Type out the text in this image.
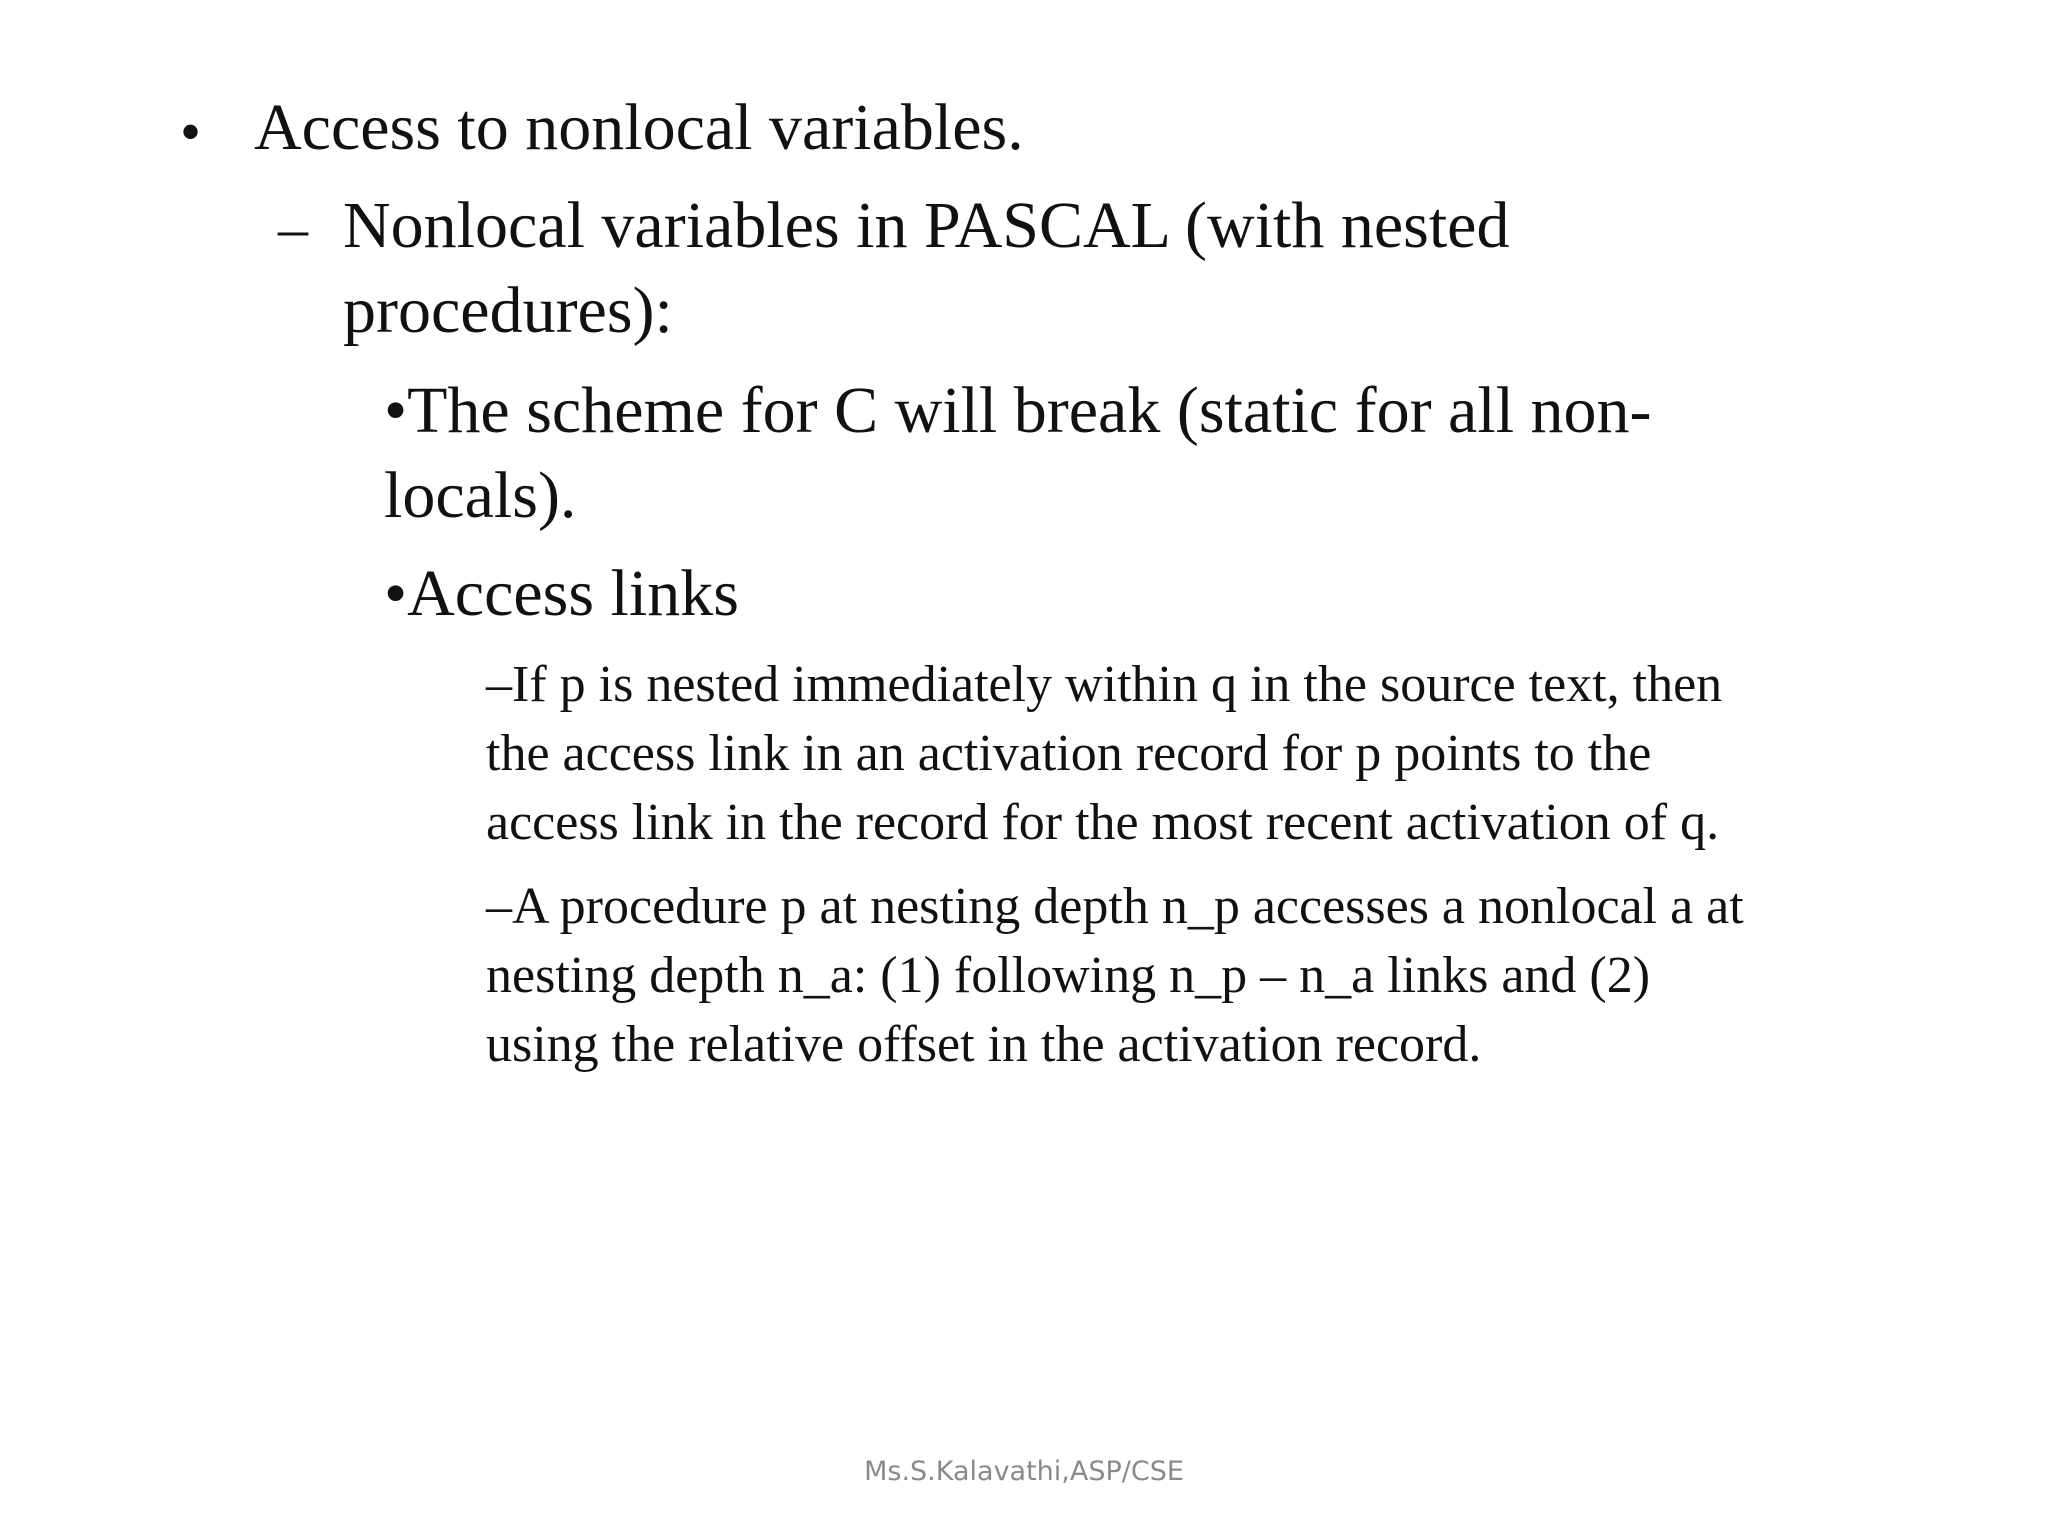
• Access to nonlocal variables.

– Nonlocal variables in PASCAL (with nested

procedures):

•The scheme for C will break (static for all non-

locals).

•Access links

–If p is nested immediately within q in the source text, then

the access link in an activation record for p points to the

access link in the record for the most recent activation of q.

–A procedure p at nesting depth n_p accesses a nonlocal a at

nesting depth n_a: (1) following n_p – n_a links and (2)

using the relative offset in the activation record.

Ms.S.Kalavathi,ASP/CSE
